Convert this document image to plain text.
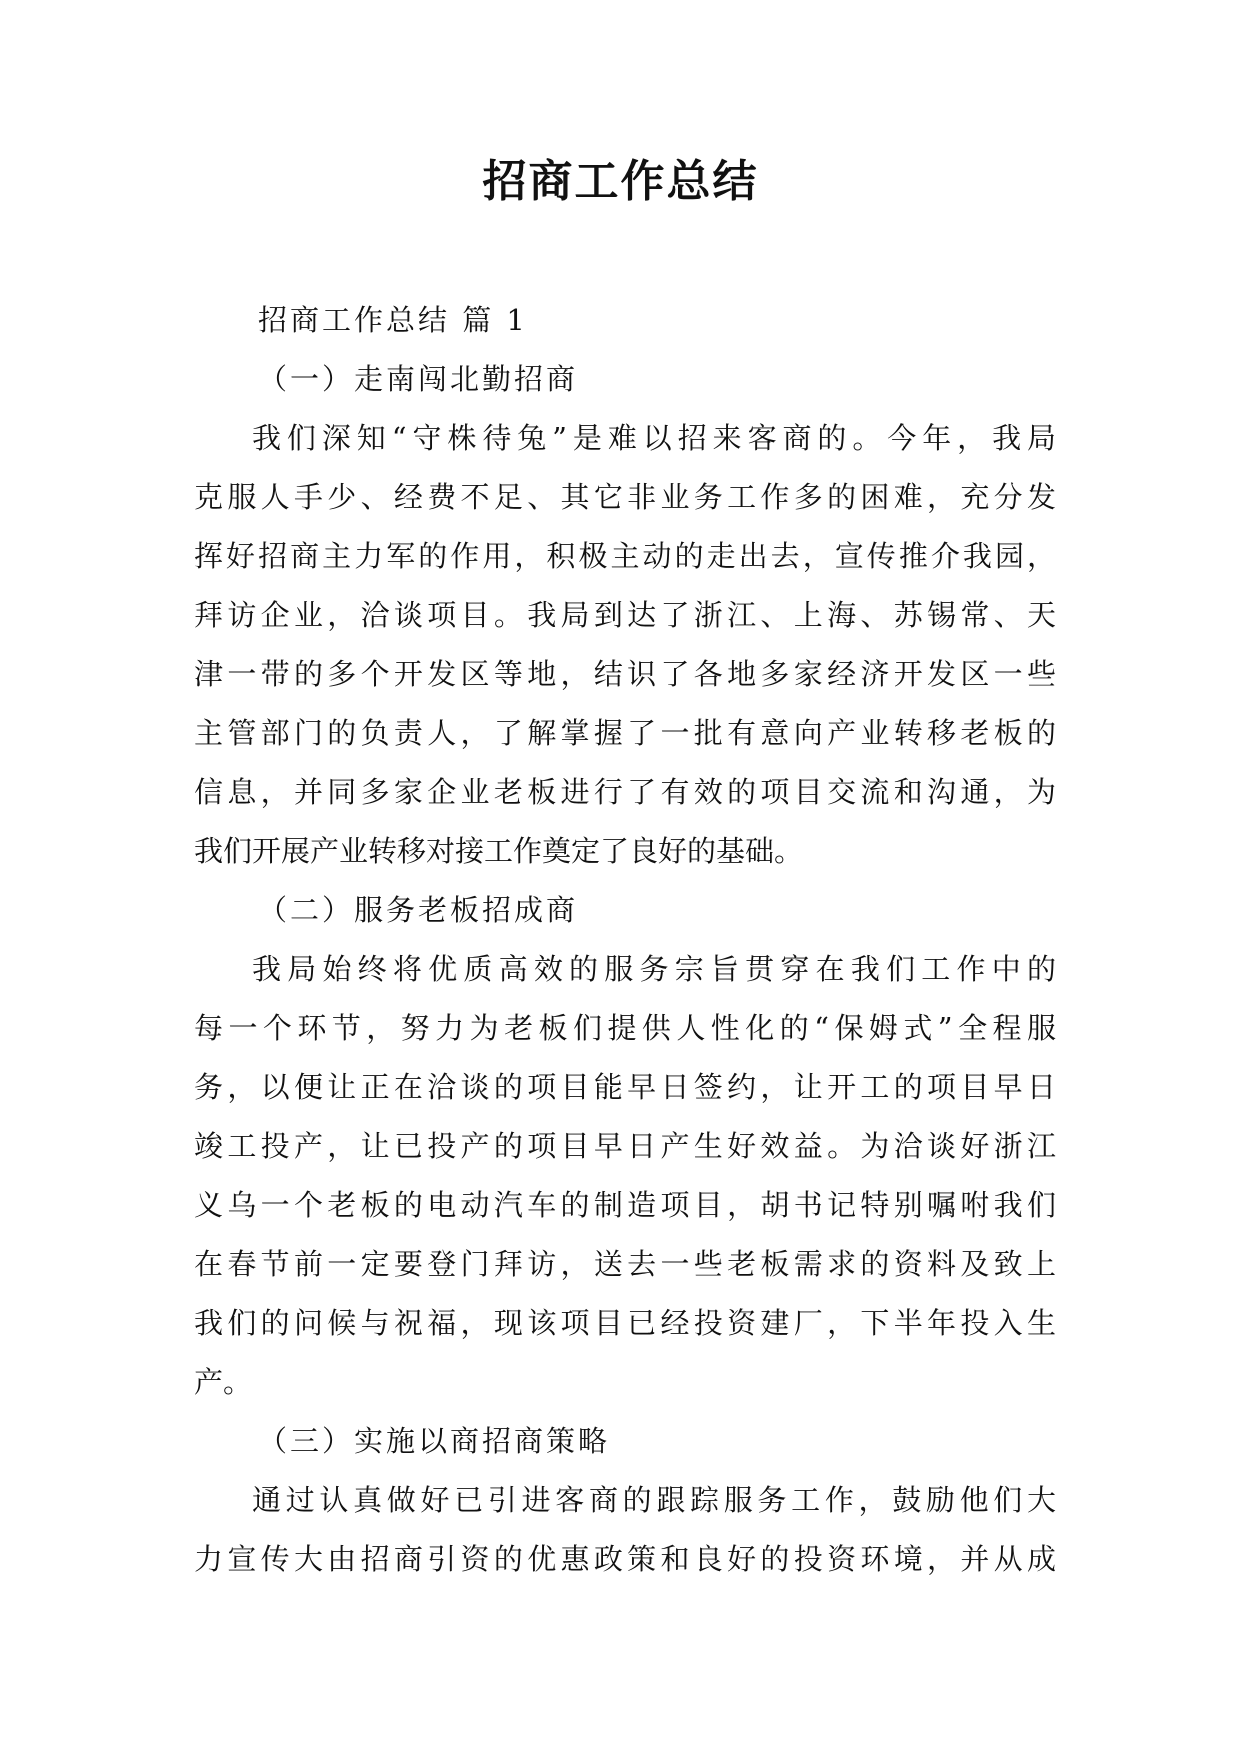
招商工作总结
招商工作总结 篇 1
（一）走南闯北勤招商
我们深知“守株待兔”是难以招来客商的。今年，我局
克服人手少、经费不足、其它非业务工作多的困难，充分发
挥好招商主力军的作用，积极主动的走出去，宣传推介我园，
拜访企业，洽谈项目。我局到达了浙江、上海、苏锡常、天
津一带的多个开发区等地，结识了各地多家经济开发区一些
主管部门的负责人，了解掌握了一批有意向产业转移老板的
信息，并同多家企业老板进行了有效的项目交流和沟通，为
我们开展产业转移对接工作奠定了良好的基础。
（二）服务老板招成商
我局始终将优质高效的服务宗旨贯穿在我们工作中的
每一个环节，努力为老板们提供人性化的“保姆式”全程服
务，以便让正在洽谈的项目能早日签约，让开工的项目早日
竣工投产，让已投产的项目早日产生好效益。为洽谈好浙江
义乌一个老板的电动汽车的制造项目，胡书记特别嘱咐我们
在春节前一定要登门拜访，送去一些老板需求的资料及致上
我们的问候与祝福，现该项目已经投资建厂，下半年投入生
产。
（三）实施以商招商策略
通过认真做好已引进客商的跟踪服务工作，鼓励他们大
力宣传大由招商引资的优惠政策和良好的投资环境，并从成
